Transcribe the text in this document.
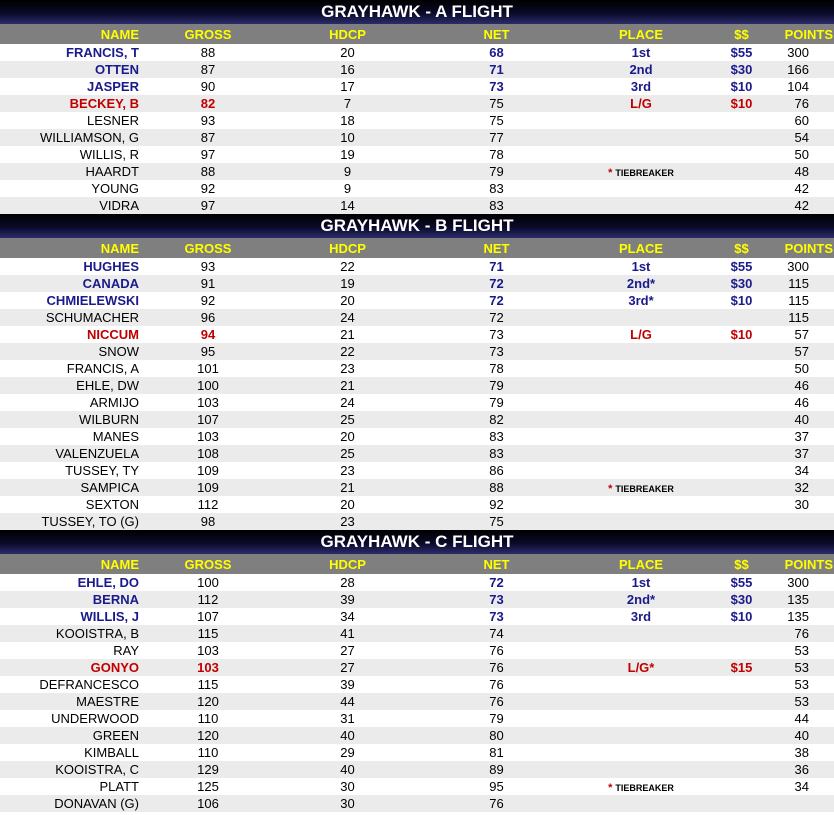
GRAYHAWK - A FLIGHT
NAME	GROSS	HDCP	NET	PLACE	$$	POINTS
FRANCIS, T	88	20	68	1st	$55	300
OTTEN	87	16	71	2nd	$30	166
JASPER	90	17	73	3rd	$10	104
BECKEY, B	82	7	75	L/G	$10	76
LESNER	93	18	75			60
WILLIAMSON, G	87	10	77			54
WILLIS, R	97	19	78			50
HAARDT	88	9	79	* TIEBREAKER		48
YOUNG	92	9	83			42
VIDRA	97	14	83			42
GRAYHAWK - B FLIGHT
NAME	GROSS	HDCP	NET	PLACE	$$	POINTS
HUGHES	93	22	71	1st	$55	300
CANADA	91	19	72	2nd*	$30	115
CHMIELEWSKI	92	20	72	3rd*	$10	115
SCHUMACHER	96	24	72			115
NICCUM	94	21	73	L/G	$10	57
SNOW	95	22	73			57
FRANCIS, A	101	23	78			50
EHLE, DW	100	21	79			46
ARMIJO	103	24	79			46
WILBURN	107	25	82			40
MANES	103	20	83			37
VALENZUELA	108	25	83			37
TUSSEY, TY	109	23	86			34
SAMPICA	109	21	88	* TIEBREAKER		32
SEXTON	112	20	92			30
TUSSEY, TO (G)	98	23	75			
GRAYHAWK - C FLIGHT
NAME	GROSS	HDCP	NET	PLACE	$$	POINTS
EHLE, DO	100	28	72	1st	$55	300
BERNA	112	39	73	2nd*	$30	135
WILLIS, J	107	34	73	3rd	$10	135
KOOISTRA, B	115	41	74			76
RAY	103	27	76			53
GONYO	103	27	76	L/G*	$15	53
DEFRANCESCO	115	39	76			53
MAESTRE	120	44	76			53
UNDERWOOD	110	31	79			44
GREEN	120	40	80			40
KIMBALL	110	29	81			38
KOOISTRA, C	129	40	89			36
PLATT	125	30	95	* TIEBREAKER		34
DONAVAN (G)	106	30	76			
